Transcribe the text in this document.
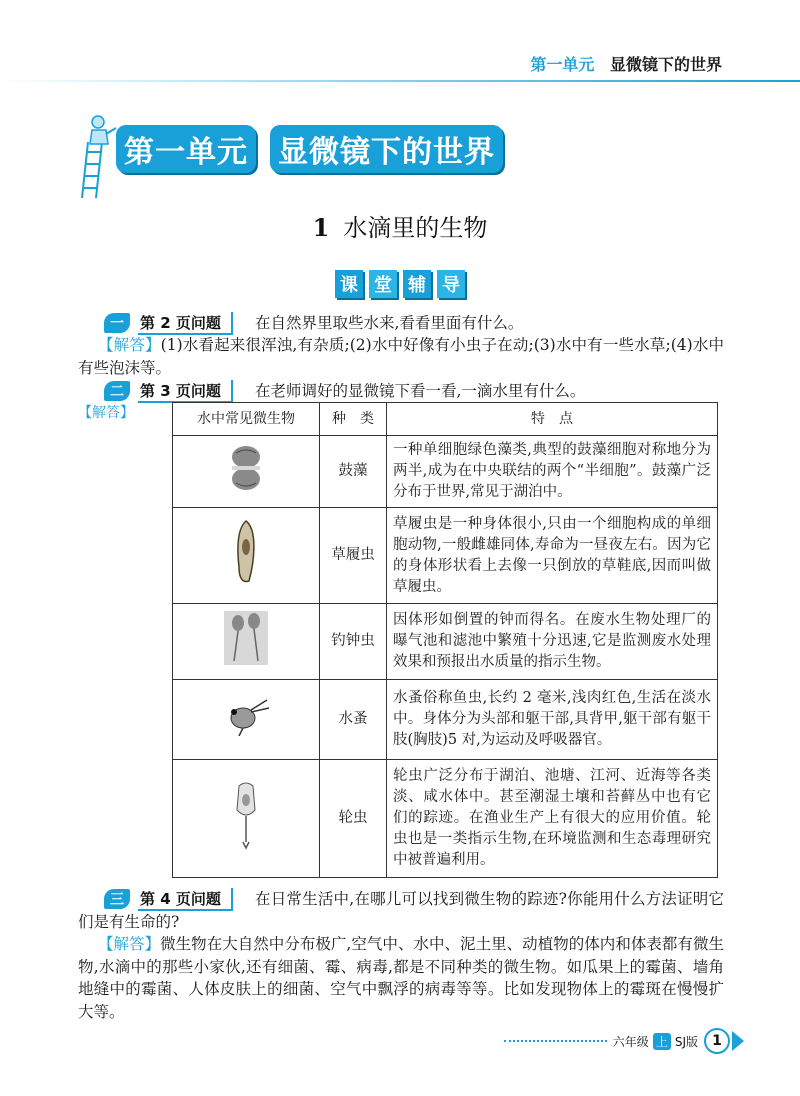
第一单元 显微镜下的世界
第一单元 显微镜下的世界
1 水滴里的生物
课 堂 辅 导
一	第 2 页问题	在自然界里取些水来,看看里面有什么。
【解答】(1)水看起来很浑浊,有杂质;(2)水中好像有小虫子在动;(3)水中有一些水草;(4)水中有些泡沫等。
二	第 3 页问题	在老师调好的显微镜下看一看,一滴水里有什么。
【解答】	水中常见微生物	种　类	特　点
	鼓藻	一种单细胞绿色藻类,典型的鼓藻细胞对称地分为两半,成为在中央联结的两个“半细胞”。鼓藻广泛分布于世界,常见于湖泊中。
	草履虫	草履虫是一种身体很小,只由一个细胞构成的单细胞动物,一般雌雄同体,寿命为一昼夜左右。因为它的身体形状看上去像一只倒放的草鞋底,因而叫做草履虫。
	钓钟虫	因体形如倒置的钟而得名。在废水生物处理厂的曝气池和滤池中繁殖十分迅速,它是监测废水处理效果和预报出水质量的指示生物。
	水蚤	水蚤俗称鱼虫,长约 2 毫米,浅肉红色,生活在淡水中。身体分为头部和躯干部,具背甲,躯干部有躯干肢(胸肢)5 对,为运动及呼吸器官。
	轮虫	轮虫广泛分布于湖泊、池塘、江河、近海等各类淡、咸水体中。甚至潮湿土壤和苔藓丛中也有它们的踪迹。在渔业生产上有很大的应用价值。轮虫也是一类指示生物,在环境监测和生态毒理研究中被普遍利用。
三	第 4 页问题	在日常生活中,在哪儿可以找到微生物的踪迹?你能用什么方法证明它们是有生命的?
【解答】微生物在大自然中分布极广,空气中、水中、泥土里、动植物的体内和体表都有微生物,水滴中的那些小家伙,还有细菌、霉、病毒,都是不同种类的微生物。如瓜果上的霉菌、墙角地缝中的霉菌、人体皮肤上的细菌、空气中飘浮的病毒等等。比如发现物体上的霉斑在慢慢扩大等。
六年级 上 SJ版	1
